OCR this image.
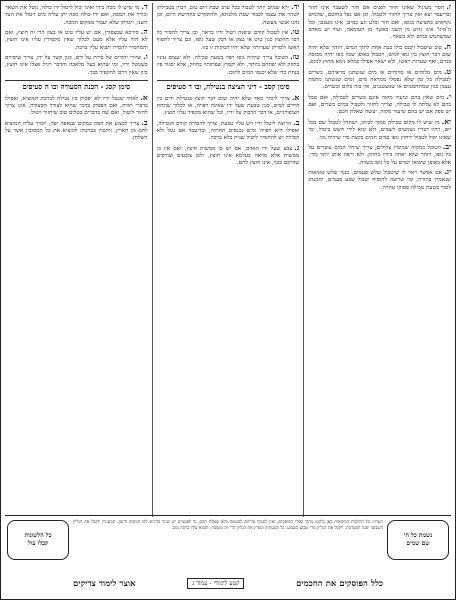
ז.חסר מעיגול שאינו חוזר לפנים אם חזר לשעבר אינו חוזר ובדיעבד יצא ואין צריך לחזור ולטבול. וכן אם נפל בחוטם, שהמים נקראים כחציצה בגופו, ואם חזר ובלע וגע במים, אינו מעכבו, וכל ה'מיגו' אינו גרוע מן השני באשר מן הטומאה, ועוד יש מאדם שמשתמש במים ולא בשאר.

ח.טוב שיטבול ויכנס כולו בבת אחת לתוך המים, ויזהר שלא יהיה שום דבר חוצץ בין גופו למים, ויטבול באופן שכל גופו יהיה מכוסה במים, ואף שערות ראשו, ולא ישאר אפילו כמלא נימא מחוץ למים.

ט.מים מלוחים או סרוחים או מים שנשתנו מראיהם, כשרים לטבילה כל זמן שלא נפסלו ממראה מים, ומים שנשתנו מחמת עצמן כגון שמתחממים או שמצטננים, אין בזה כלום וכשרים.

י.מים שאין בהם שיעור מקוה אינם כשרים לטבילה, ואם טבל בהם לא עלתה לו טבילה, וצריך לחזור ולטבול במים כשרים, ואם יש ספק אם יש בהם שיעור מקוה, יעשה שאלת חכם.

יא.מי שיש לו מקום טבילה סמוך לביתו, ישתדל לטבול שם בכל יום, ויהיו דבריו נשמעים לשמים, ולא יבוא לידי חשש ביטול, ומי שאינו יכול לטבול ירחוץ גופו במים חמים בקצת כדי שיהיה נקי.

יב.הטובל במקוה שמימיו צלולים, צריך שיהיו המים עוברים על כל גופו, ויזהר שלא יאחוז בידיו בחוזק, ולא ירפה אותן יותר מדי, אלא באופן שיבואו המים על כל גופו בשווה.

יג.אם אפשר ראוי לו שיטבול שלש פעמים, כנגד שלש טומאות שנאמרו בתורה, ומי שרוצה להוסיף יטבול שבע פעמים, והמנהג לומר בשעת טבילה פסוקי טהרה.

יד.ירא שמים יזהר לטבול בכל ערב שבת ויום טוב, ויכוין בטבילתו לטהר את עצמו לכבוד שבת מלכתא, ולהתקדש בקדושת היום, וכן נהגו אנשי מעשה.

טו.אין לטבול קודם שיפנה ויטול ידיו כראוי, וכן צריך להסיר כל דבר החוצץ כגון טיט או בצק או דבק שעל גופו, וגם צריך לחפוף ראשו ולסרוק שערותיו שלא יהיו דבוקות זו בזו.

טז.הטובל צריך שיהיה גופו רפוי בשעת טבילה, ולא יעצום עיניו בחוזק ולא יפתחם ביותר, ולא יקמוץ שפתותיו בחוזק, אלא יסגור פיו בנחת כדי שלא יכנסו המים לתוכו.

סימן קסב - דיני הציצה בנטילה, ובו ד סעיפים

א.צריך ליזהר מאד שלא יהיה שום דבר חוצץ בנטילת ידים בין הידים למים, כגון טבעת שעל ידו שאינה רפויה, או לכלוך שתחת הציפורניים, או דבר הדבוק על ידיו, וכל שהוא מקפיד עליו חוצץ.

ב.הרוצה ליטול ידיו ויש עליו טבעת, צריך להסירה קודם הנטילה, ואפילו היא רפויה ומים נכנסים תחתיה, ובדיעבד אם נטל ולא הסירה יש להחמיר ליטול שנית בלא ברכה.

ג.צבע שעל ידי האדם, אם יש בו ממשות חוצץ, ואם אין בו ממשות אלא מראה בעלמא אינו חוצץ, ולכן צובעים וצורפים שדרכם בכך, אינו חוצץ להם.

ד.מי שיש לו מכה בידו ואינו יכול ליטול ידו כולה, נוטל את השאר וכורך את המכה, ואם ידו כולה מכה יתן עליה מים ויטול את הצד השני, ויבדוק שלא יעבור ממקום המכה.

ה.סירכא שבצפורן, אם יש עליו טיט או בצק הרי זה חוצץ, ואם לא היה עליו אלא מעט לכלוך שאין מקפידין עליו אינו חוצץ, והמחמיר להסירו תבוא עליו ברכה.

ו.שיורי יהודים של ברית על ידם, כגון קשר על ידו, צריך שיסירם כשנוטל ידיו, ומי שהוא בעל מלאכה והדבר רגיל אצלו אינו חוצץ, כיון שאין דרכו להקפיד בכך.

סימן קסג - הכנת הסעודה ובו ה סעיפים

א.לאחר שנטל ידיו לא יפסיק בין נטילה לברכת המוציא, ואפילו בדברי תורה, ואם הפסיק בדבר שהוא לצורך הסעודה, אינו צריך לחזור ליטול, ואם שח בדברים בטלים טוב שיחזור ויטול.

ב.צריך לבצוע את הפת במקום שנאפה יפה, ויברך עליה המוציא לחם מן הארץ, ויתכוין בברכתו להוציא את כל המסובין אשר על השלחן.

נשמת כל חי
שם שמים
הערה: כל ההלכות המובאות כאן נלקטו מתוך ספרי הפוסקים, ואין לסמוך עליהם למעשה בלא שאלת חכם, כי לפעמים יש שינוי בדינים לפי המקום והזמן. המעוניין לקבל את הגליון השבועי יפנה למערכת, ויקבל את הגליון מדי שבוע בשבוע. כל המעתיק ומפיץ את הגליון הרי זה משובח, ותבוא עליו ברכת טוב.
כל הלשונות
קבלו עול
כלל הפוסקים את החכמים
קטע לימודי - עמוד ג
אוצר לימוד צדיקים
